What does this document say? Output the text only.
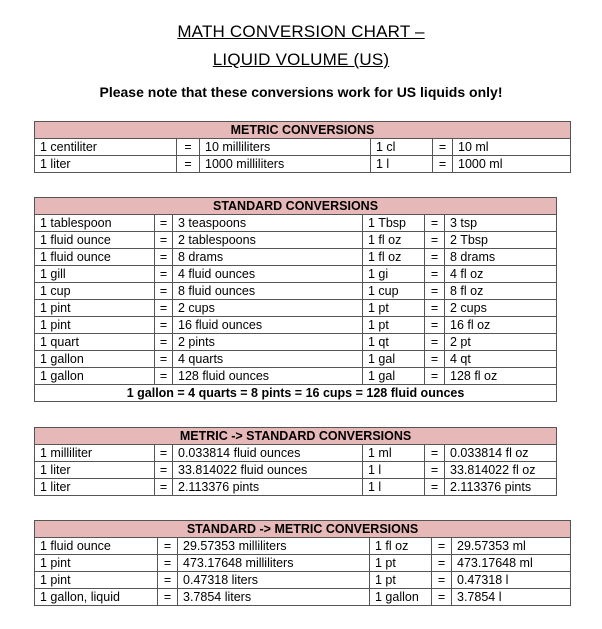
MATH CONVERSION CHART –
LIQUID VOLUME (US)
Please note that these conversions work for US liquids only!
METRIC CONVERSIONS					
1 centiliter	=	10 milliliters	1 cl	=	10 ml
1 liter	=	1000 milliliters	1 l	=	1000 ml
STANDARD CONVERSIONS					
1 tablespoon	=	3 teaspoons	1 Tbsp	=	3 tsp
1 fluid ounce	=	2 tablespoons	1 fl oz	=	2 Tbsp
1 fluid ounce	=	8 drams	1 fl oz	=	8 drams
1 gill	=	4 fluid ounces	1 gi	=	4 fl oz
1 cup	=	8 fluid ounces	1 cup	=	8 fl oz
1 pint	=	2 cups	1 pt	=	2 cups
1 pint	=	16 fluid ounces	1 pt	=	16 fl oz
1 quart	=	2 pints	1 qt	=	2 pt
1 gallon	=	4 quarts	1 gal	=	4 qt
1 gallon	=	128 fluid ounces	1 gal	=	128 fl oz
1 gallon = 4 quarts = 8 pints = 16 cups = 128 fluid ounces					
METRIC -> STANDARD CONVERSIONS					
1 milliliter	=	0.033814 fluid ounces	1 ml	=	0.033814 fl oz
1 liter	=	33.814022 fluid ounces	1 l	=	33.814022 fl oz
1 liter	=	2.113376 pints	1 l	=	2.113376 pints
STANDARD -> METRIC CONVERSIONS					
1 fluid ounce	=	29.57353 milliliters	1 fl oz	=	29.57353 ml
1 pint	=	473.17648 milliliters	1 pt	=	473.17648 ml
1 pint	=	0.47318 liters	1 pt	=	0.47318 l
1 gallon, liquid	=	3.7854 liters	1 gallon	=	3.7854 l
